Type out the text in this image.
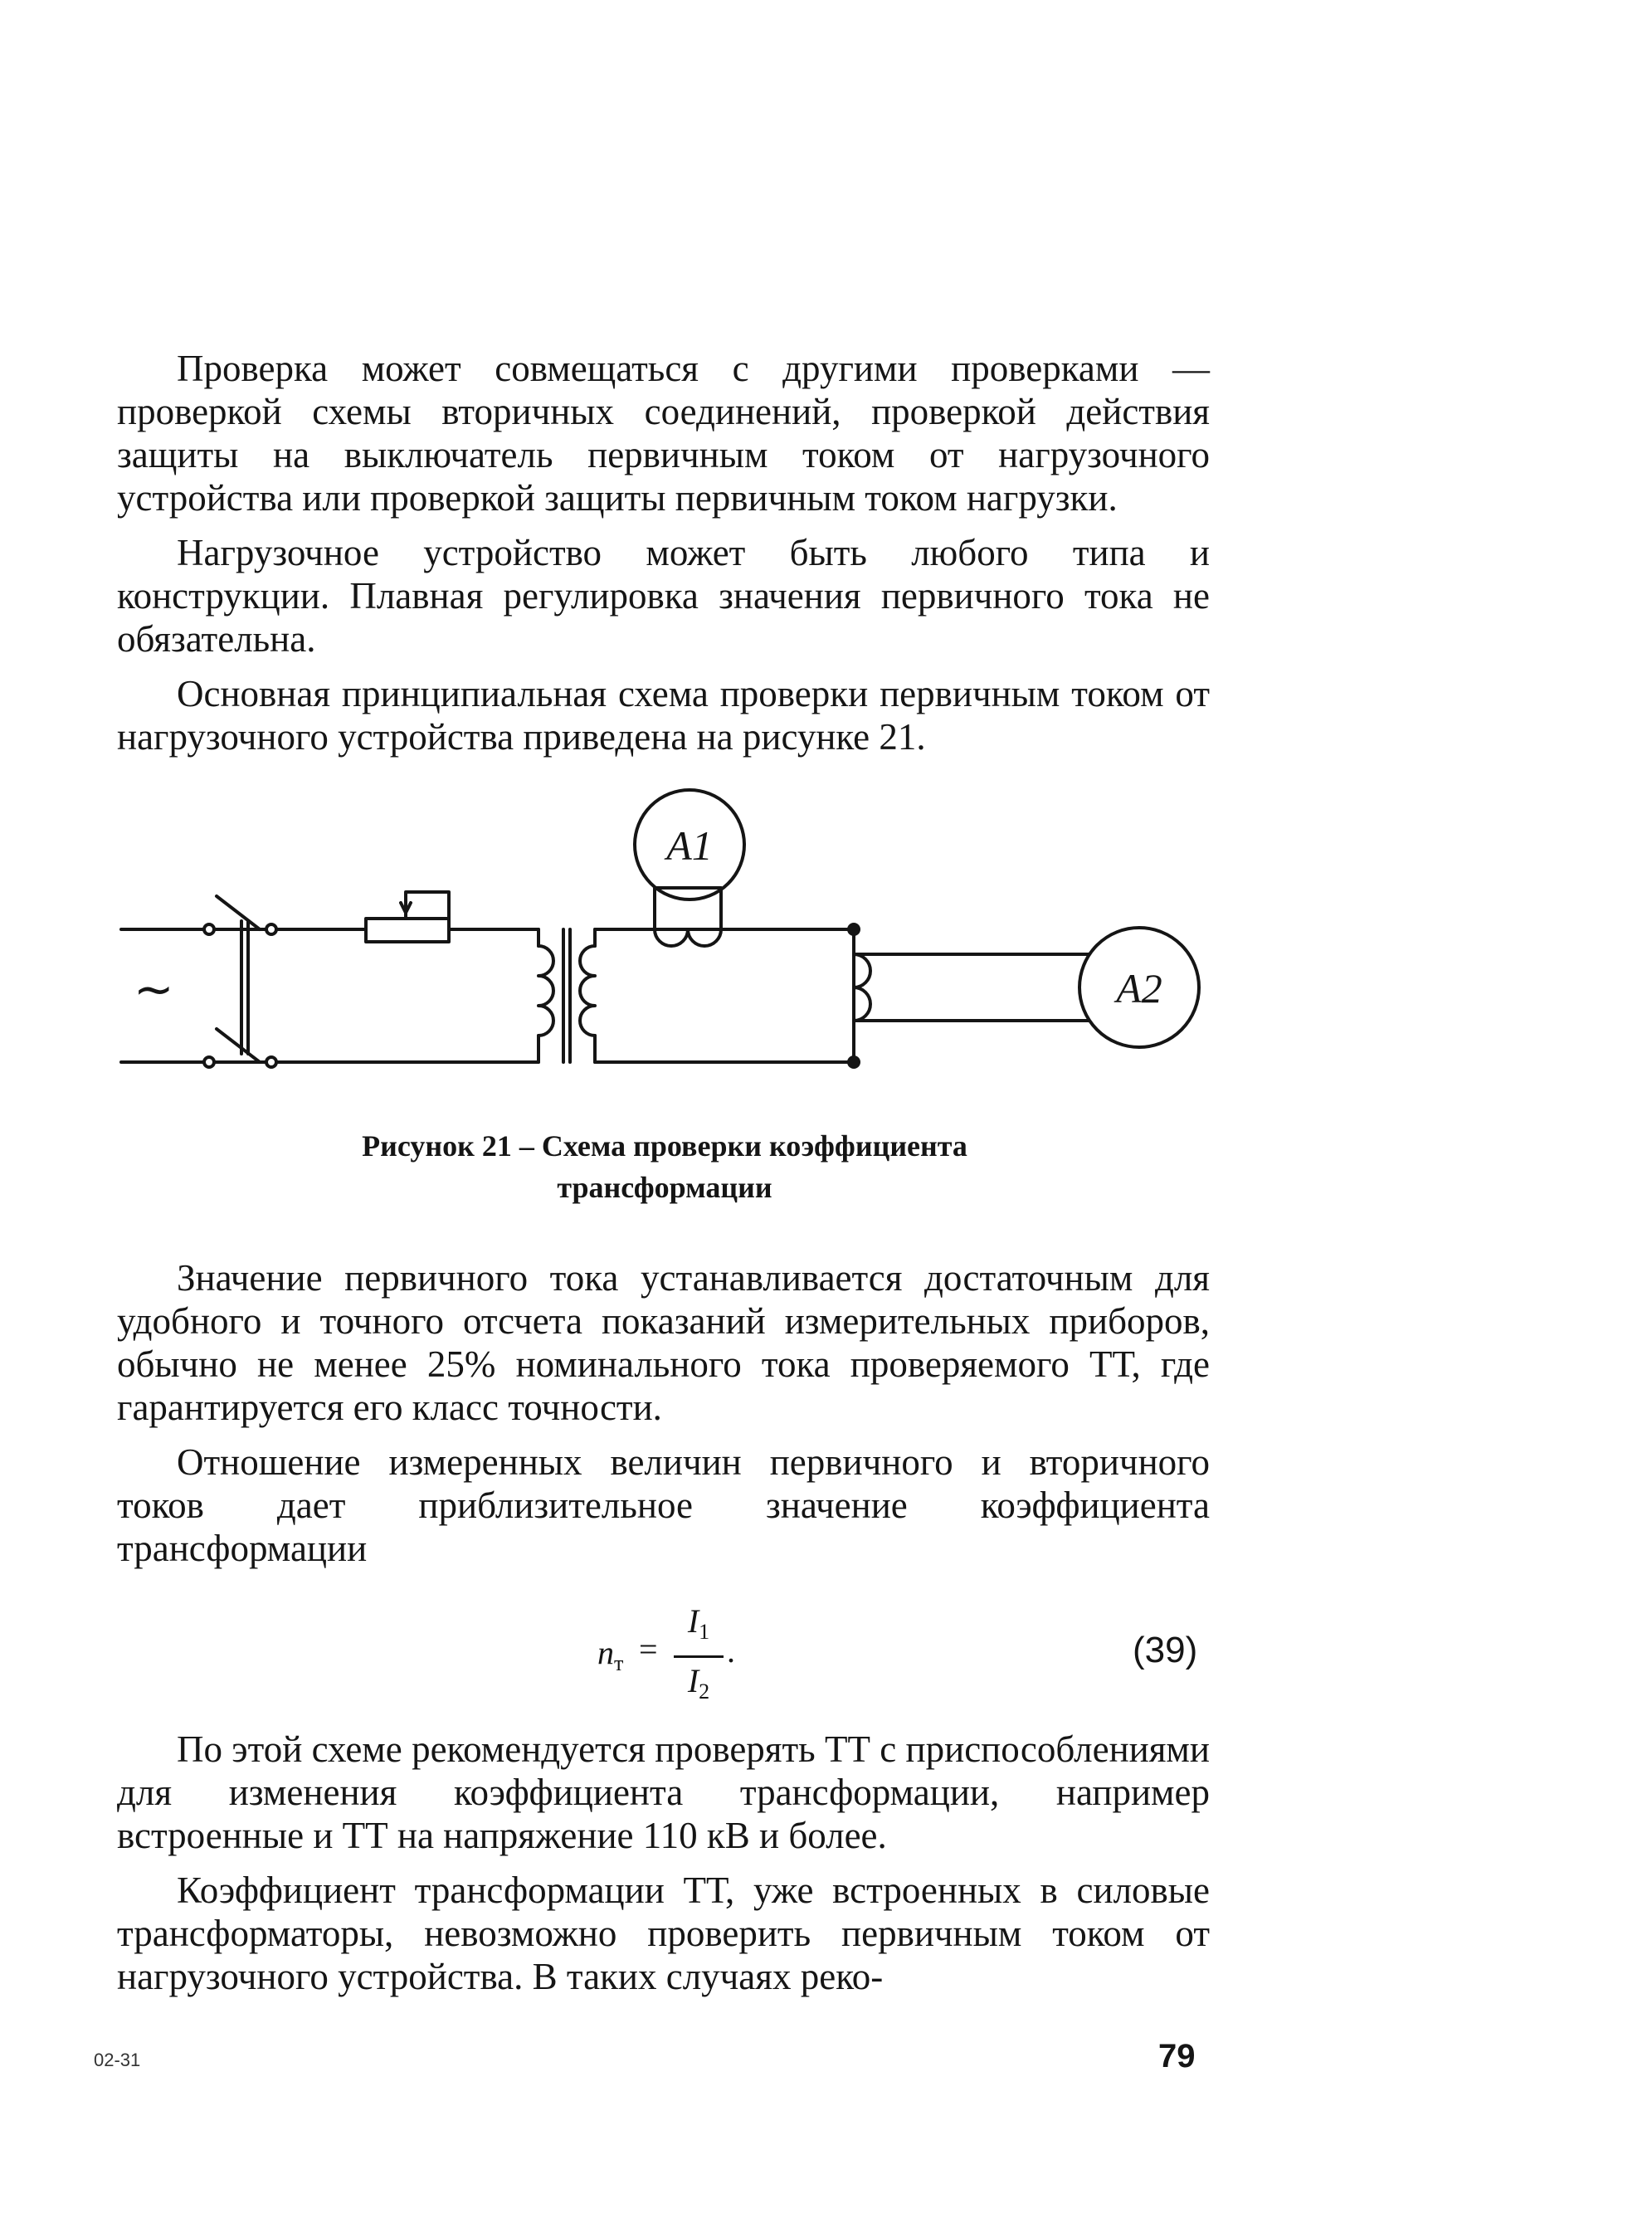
Проверка может совмещаться с другими проверками — проверкой схемы вторичных соединений, проверкой действия защиты на выключатель первичным током от нагрузочного устройства или проверкой защиты первичным током нагрузки.

Нагрузочное устройство может быть любого типа и конструкции. Плавная регулировка значения первичного тока не обязательна.

Основная принципиальная схема проверки первичным током от нагрузочного устройства приведена на рисунке 21.

~
A1
A2
Рисунок 21 – Схема проверки коэффициента
трансформации

Значение первичного тока устанавливается достаточным для удобного и точного отсчета показаний измерительных приборов, обычно не менее 25% номинального тока проверяемого ТТ, где гарантируется его класс точности.

Отношение измеренных величин первичного и вторичного токов дает приблизительное значение коэффициента трансформации

$n_т$ =
$I_1$
$I_2$
.	(39)

По этой схеме рекомендуется проверять ТТ с приспособлениями для изменения коэффициента трансформации, например встроенные и ТТ на напряжение 110 кВ и более.

Коэффициент трансформации ТТ, уже встроенных в силовые трансформаторы, невозможно проверить первичным током от нагрузочного устройства. В таких случаях реко-

02-31	79
